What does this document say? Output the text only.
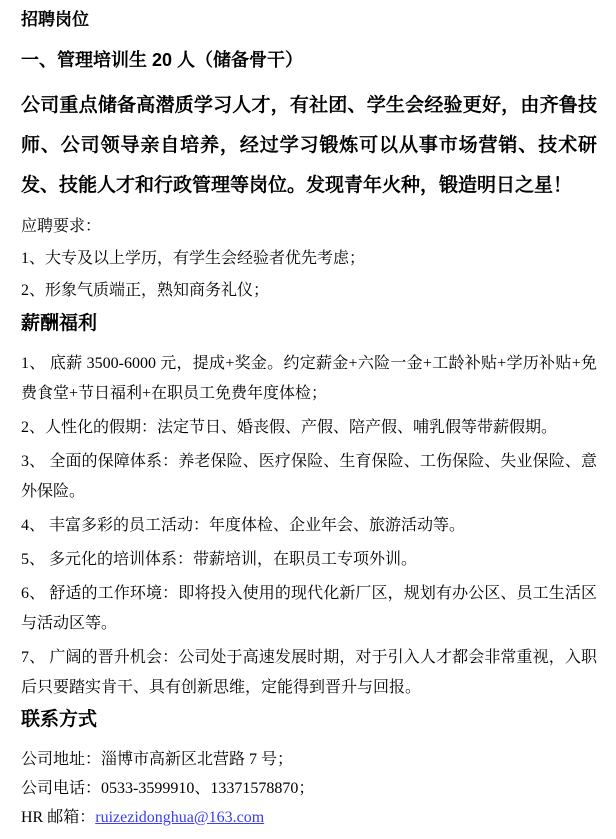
招聘岗位
一、管理培训生 20 人（储备骨干）

公司重点储备高潜质学习人才，有社团、学生会经验更好，由齐鲁技师、公司领导亲自培养，经过学习锻炼可以从事市场营销、技术研发、技能人才和行政管理等岗位。发现青年火种，锻造明日之星！

应聘要求：

1、大专及以上学历，有学生会经验者优先考虑；

2、形象气质端正，熟知商务礼仪；

薪酬福利

1、 底薪 3500-6000 元，提成+奖金。约定薪金+六险一金+工龄补贴+学历补贴+免费食堂+节日福利+在职员工免费年度体检；

2、人性化的假期：法定节日、婚丧假、产假、陪产假、哺乳假等带薪假期。

3、 全面的保障体系：养老保险、医疗保险、生育保险、工伤保险、失业保险、意外保险。

4、 丰富多彩的员工活动：年度体检、企业年会、旅游活动等。

5、 多元化的培训体系：带薪培训，在职员工专项外训。

6、 舒适的工作环境：即将投入使用的现代化新厂区，规划有办公区、员工生活区与活动区等。

7、 广阔的晋升机会：公司处于高速发展时期，对于引入人才都会非常重视，入职后只要踏实肯干、具有创新思维，定能得到晋升与回报。

联系方式

公司地址：淄博市高新区北营路 7 号；

公司电话：0533-3599910、13371578870；

HR 邮箱：ruizezidonghua@163.com
